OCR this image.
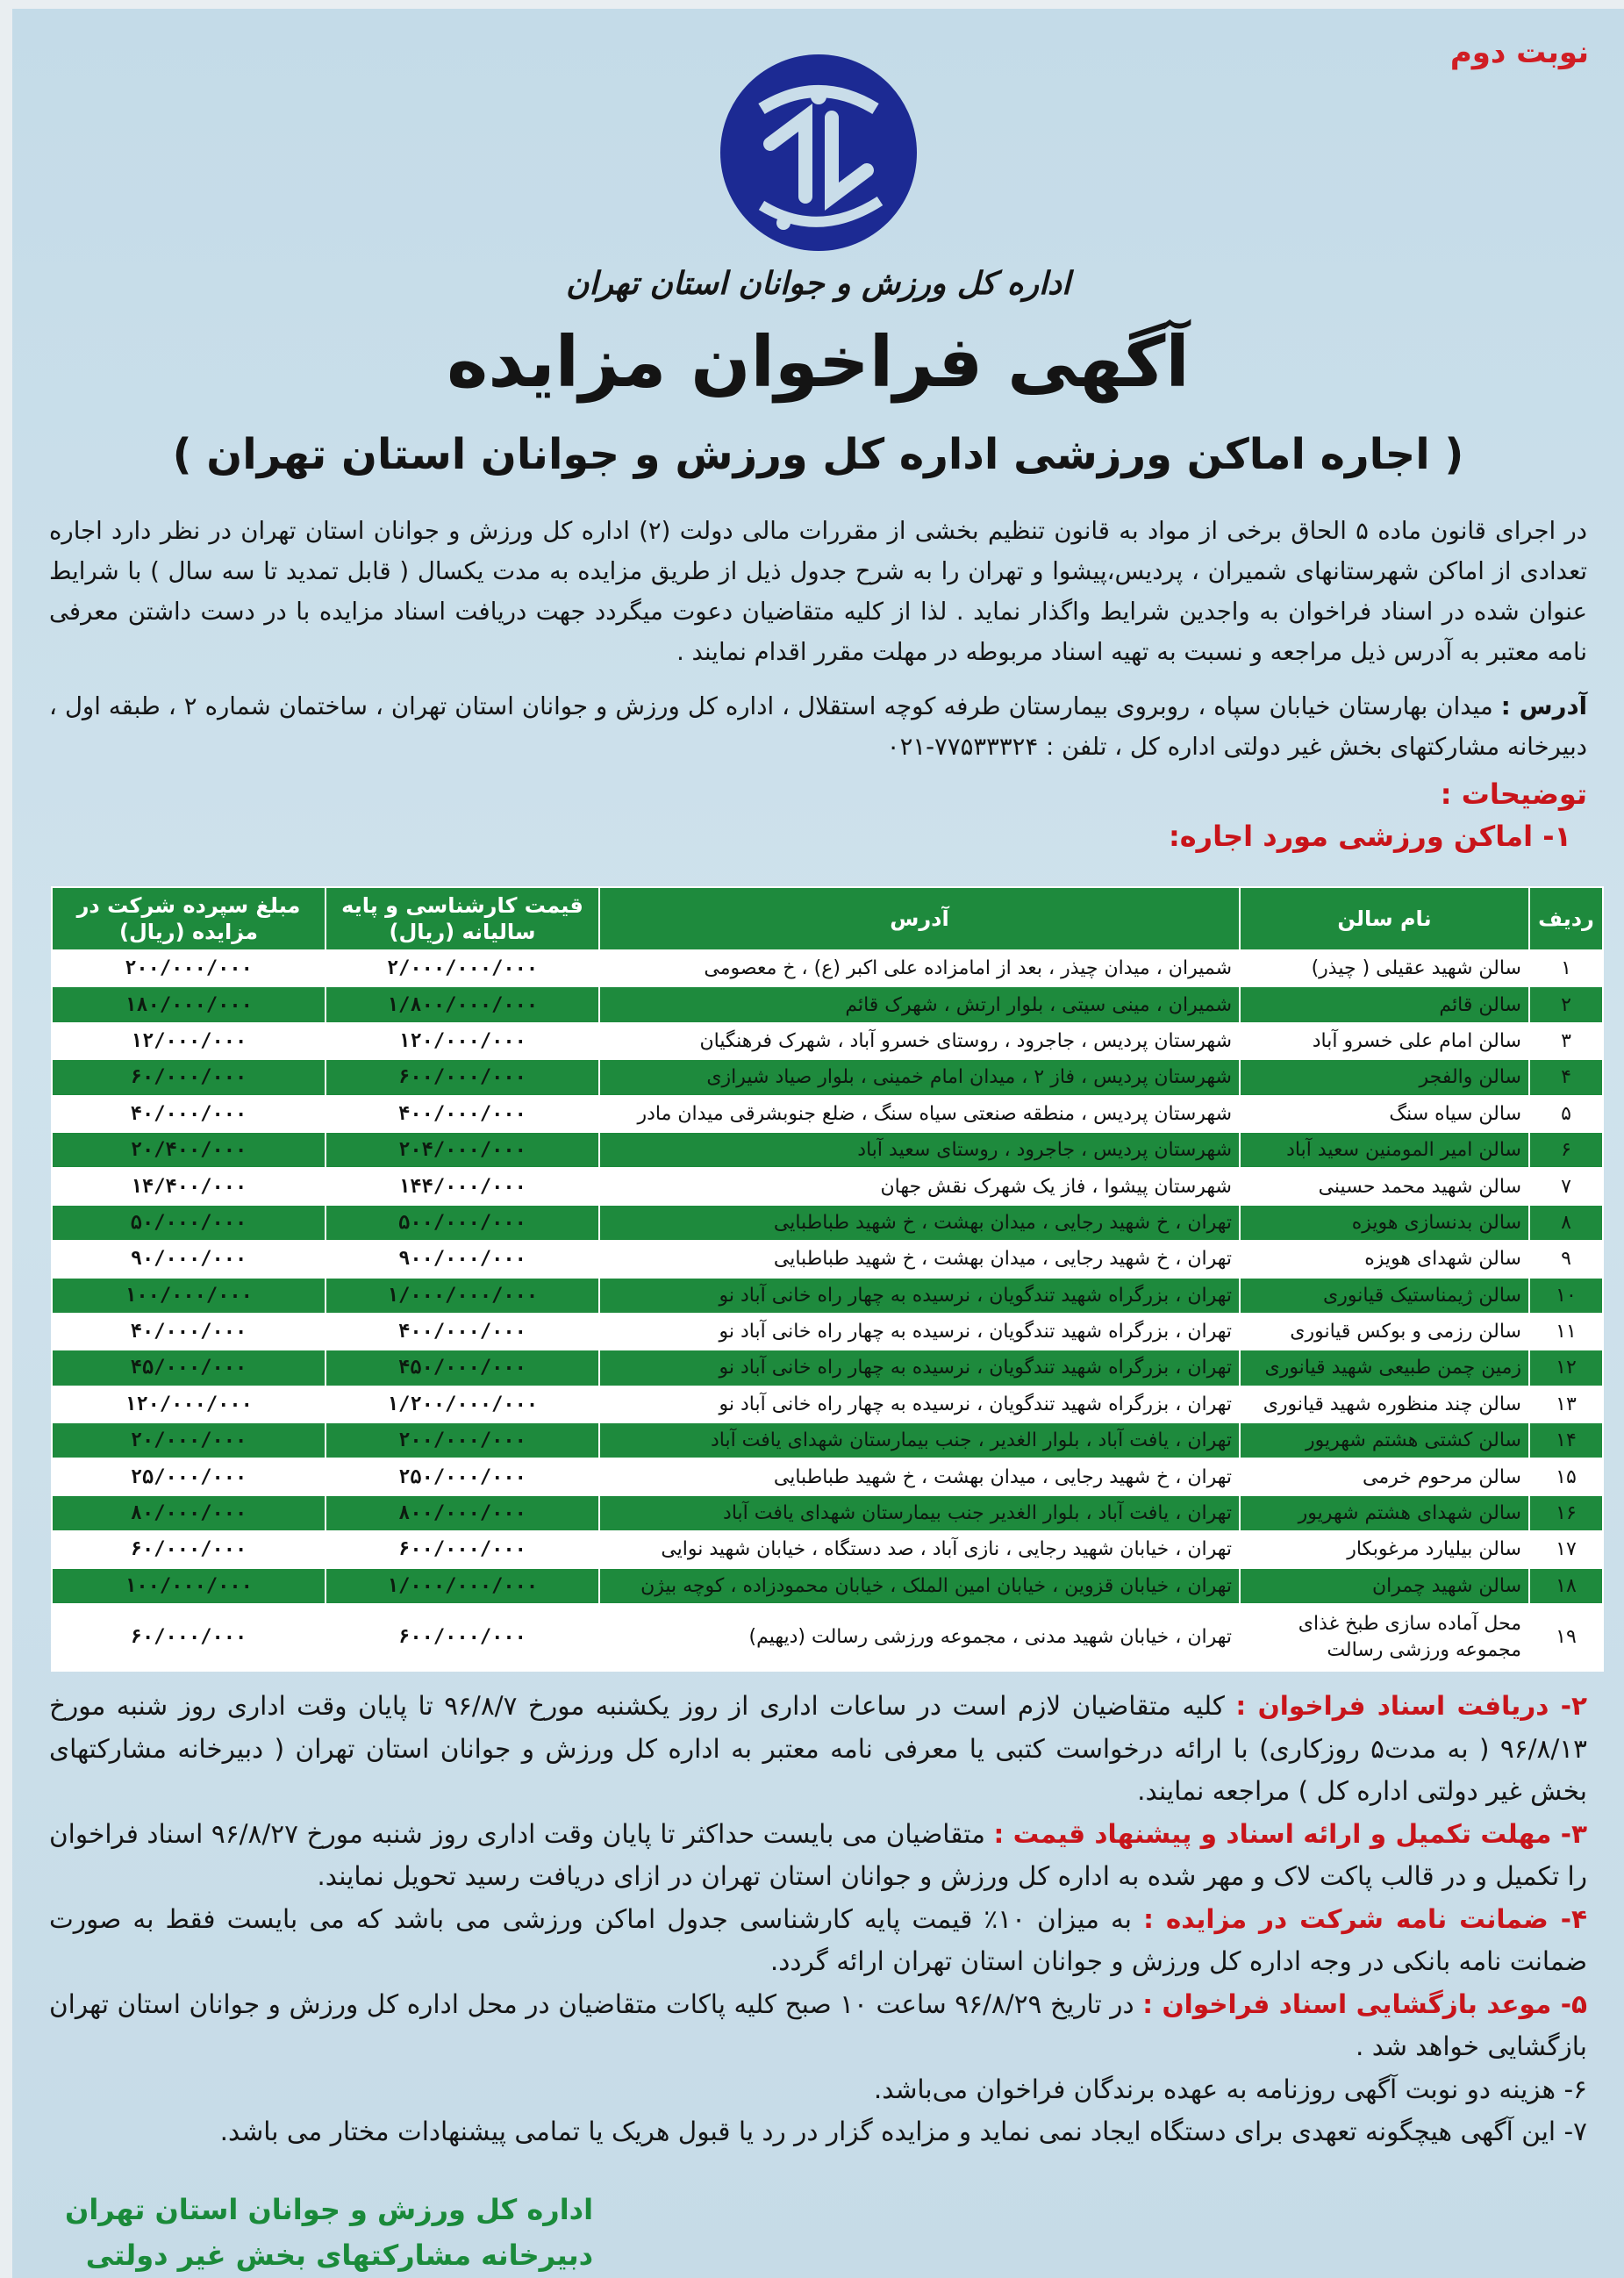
نوبت دوم
اداره کل ورزش و جوانان استان تهران
آگهی فراخوان مزایده
( اجاره اماکن ورزشی اداره کل ورزش و جوانان استان تهران )
در اجرای قانون ماده ۵ الحاق برخی از مواد به قانون تنظیم بخشی از مقررات مالی دولت (۲) اداره کل ورزش و جوانان استان تهران در نظر دارد اجاره تعدادی از اماکن شهرستانهای شمیران ، پردیس،پیشوا و تهران را به شرح جدول ذیل از طریق مزایده به مدت یکسال ( قابل تمدید تا سه سال ) با شرایط عنوان شده در اسناد فراخوان به واجدین شرایط واگذار نماید . لذا از کلیه متقاضیان دعوت میگردد جهت دریافت اسناد مزایده با در دست داشتن معرفی نامه معتبر به آدرس ذیل مراجعه و نسبت به تهیه اسناد مربوطه در مهلت مقرر اقدام نمایند .
آدرس : میدان بهارستان خیابان سپاه ، روبروی بیمارستان طرفه کوچه استقلال ، اداره کل ورزش و جوانان استان تهران ، ساختمان شماره ۲ ، طبقه اول ، دبیرخانه مشارکتهای بخش غیر دولتی اداره کل ، تلفن : ۷۷۵۳۳۳۲۴-۰۲۱
توضیحات :
۱- اماکن ورزشی مورد اجاره:
ردیف	نام سالن	آدرس	قیمت کارشناسی و پایه سالیانه (ریال)	مبلغ سپرده شرکت در مزایده (ریال)
۱	سالن شهید عقیلی ( چیذر)	شمیران ، میدان چیذر ، بعد از امامزاده علی اکبر (ع) ، خ معصومی	۲/۰۰۰/۰۰۰/۰۰۰	۲۰۰/۰۰۰/۰۰۰
۲	سالن قائم	شمیران ، مینی سیتی ، بلوار ارتش ، شهرک قائم	۱/۸۰۰/۰۰۰/۰۰۰	۱۸۰/۰۰۰/۰۰۰
۳	سالن امام علی خسرو آباد	شهرستان پردیس ، جاجرود ، روستای خسرو آباد ، شهرک فرهنگیان	۱۲۰/۰۰۰/۰۰۰	۱۲/۰۰۰/۰۰۰
۴	سالن والفجر	شهرستان پردیس ، فاز ۲ ، میدان امام خمینی ، بلوار صیاد شیرازی	۶۰۰/۰۰۰/۰۰۰	۶۰/۰۰۰/۰۰۰
۵	سالن سیاه سنگ	شهرستان پردیس ، منطقه صنعتی سیاه سنگ ، ضلع جنوبشرقی میدان مادر	۴۰۰/۰۰۰/۰۰۰	۴۰/۰۰۰/۰۰۰
۶	سالن امیر المومنین سعید آباد	شهرستان پردیس ، جاجرود ، روستای سعید آباد	۲۰۴/۰۰۰/۰۰۰	۲۰/۴۰۰/۰۰۰
۷	سالن شهید محمد حسینی	شهرستان پیشوا ، فاز یک شهرک نقش جهان	۱۴۴/۰۰۰/۰۰۰	۱۴/۴۰۰/۰۰۰
۸	سالن بدنسازی هویزه	تهران ، خ شهید رجایی ، میدان بهشت ، خ شهید طباطبایی	۵۰۰/۰۰۰/۰۰۰	۵۰/۰۰۰/۰۰۰
۹	سالن شهدای هویزه	تهران ، خ شهید رجایی ، میدان بهشت ، خ شهید طباطبایی	۹۰۰/۰۰۰/۰۰۰	۹۰/۰۰۰/۰۰۰
۱۰	سالن ژیمناستیک قیانوری	تهران ، بزرگراه شهید تندگویان ، نرسیده به چهار راه خانی آباد نو	۱/۰۰۰/۰۰۰/۰۰۰	۱۰۰/۰۰۰/۰۰۰
۱۱	سالن رزمی و بوکس قیانوری	تهران ، بزرگراه شهید تندگویان ، نرسیده به چهار راه خانی آباد نو	۴۰۰/۰۰۰/۰۰۰	۴۰/۰۰۰/۰۰۰
۱۲	زمین چمن طبیعی شهید قیانوری	تهران ، بزرگراه شهید تندگویان ، نرسیده به چهار راه خانی آباد نو	۴۵۰/۰۰۰/۰۰۰	۴۵/۰۰۰/۰۰۰
۱۳	سالن چند منظوره شهید قیانوری	تهران ، بزرگراه شهید تندگویان ، نرسیده به چهار راه خانی آباد نو	۱/۲۰۰/۰۰۰/۰۰۰	۱۲۰/۰۰۰/۰۰۰
۱۴	سالن کشتی هشتم شهریور	تهران ، یافت آباد ، بلوار الغدیر ، جنب بیمارستان شهدای یافت آباد	۲۰۰/۰۰۰/۰۰۰	۲۰/۰۰۰/۰۰۰
۱۵	سالن مرحوم خرمی	تهران ، خ شهید رجایی ، میدان بهشت ، خ شهید طباطبایی	۲۵۰/۰۰۰/۰۰۰	۲۵/۰۰۰/۰۰۰
۱۶	سالن شهدای هشتم شهریور	تهران ، یافت آباد ، بلوار الغدیر جنب بیمارستان شهدای یافت آباد	۸۰۰/۰۰۰/۰۰۰	۸۰/۰۰۰/۰۰۰
۱۷	سالن بیلیارد مرغوبکار	تهران ، خیابان شهید رجایی ، نازی آباد ، صد دستگاه ، خیابان شهید نوایی	۶۰۰/۰۰۰/۰۰۰	۶۰/۰۰۰/۰۰۰
۱۸	سالن شهید چمران	تهران ، خیابان قزوین ، خیابان امین الملک ، خیابان محمودزاده ، کوچه بیژن	۱/۰۰۰/۰۰۰/۰۰۰	۱۰۰/۰۰۰/۰۰۰
۱۹	محل آماده سازی طبخ غذای مجموعه ورزشی رسالت	تهران ، خیابان شهید مدنی ، مجموعه ورزشی رسالت (دیهیم)	۶۰۰/۰۰۰/۰۰۰	۶۰/۰۰۰/۰۰۰

۲- دریافت اسناد فراخوان : کلیه متقاضیان لازم است در ساعات اداری از روز یکشنبه مورخ ۹۶/۸/۷ تا پایان وقت اداری روز شنبه مورخ ۹۶/۸/۱۳ ( به مدت۵ روزکاری) با ارائه درخواست کتبی یا معرفی نامه معتبر به اداره کل ورزش و جوانان استان تهران ( دبیرخانه مشارکتهای بخش غیر دولتی اداره کل ) مراجعه نمایند.

۳- مهلت تکمیل و ارائه اسناد و پیشنهاد قیمت : متقاضیان می بایست حداکثر تا پایان وقت اداری روز شنبه مورخ ۹۶/۸/۲۷ اسناد فراخوان را تکمیل و در قالب پاکت لاک و مهر شده به اداره کل ورزش و جوانان استان تهران در ازای دریافت رسید تحویل نمایند.

۴- ضمانت نامه شرکت در مزایده : به میزان ۱۰٪ قیمت پایه کارشناسی جدول اماکن ورزشی می باشد که می بایست فقط به صورت ضمانت نامه بانکی در وجه اداره کل ورزش و جوانان استان تهران ارائه گردد.

۵- موعد بازگشایی اسناد فراخوان : در تاریخ ۹۶/۸/۲۹ ساعت ۱۰ صبح کلیه پاکات متقاضیان در محل اداره کل ورزش و جوانان استان تهران بازگشایی خواهد شد .

۶- هزینه دو نوبت آگهی روزنامه به عهده برندگان فراخوان می‌باشد.

۷- این آگهی هیچگونه تعهدی برای دستگاه ایجاد نمی نماید و مزایده گزار در رد یا قبول هریک یا تمامی پیشنهادات مختار می باشد.

اداره کل ورزش و جوانان استان تهران
دبیرخانه مشارکتهای بخش غیر دولتی
